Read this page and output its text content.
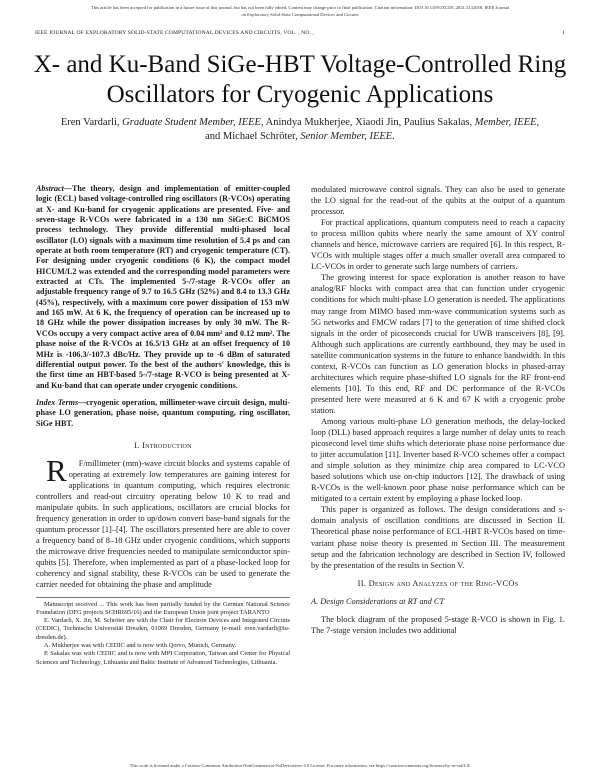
This article has been accepted for publication in a future issue of this journal, but has not been fully edited. Content may change prior to final publication. Citation information: DOI 10.1109/JXCDC.2021.3132658, IEEE Journal
on Exploratory Solid-State Computational Devices and Circuits
IEEE JOURNAL OF EXPLORATORY SOLID-STATE COMPUTATIONAL DEVICES AND CIRCUITS, VOL. , NO. ,	1
X- and Ku-Band SiGe-HBT Voltage-Controlled Ring Oscillators for Cryogenic Applications
Eren Vardarli, Graduate Student Member, IEEE, Anindya Mukherjee, Xiaodi Jin, Paulius Sakalas, Member, IEEE, and Michael Schröter, Senior Member, IEEE.

Abstract—The theory, design and implementation of emitter-coupled logic (ECL) based voltage-controlled ring oscillators (R-VCOs) operating at X- and Ku-band for cryogenic applications are presented. Five- and seven-stage R-VCOs were fabricated in a 130 nm SiGe:C BiCMOS process technology. They provide differential multi-phased local oscillator (LO) signals with a maximum time resolution of 5.4 ps and can operate at both room temperature (RT) and cryogenic temperature (CT). For designing under cryogenic conditions (6 K), the compact model HICUM/L2 was extended and the corresponding model parameters were extracted at CTs. The implemented 5-/7-stage R-VCOs offer an adjustable frequency range of 9.7 to 16.5 GHz (52%) and 8.4 to 13.3 GHz (45%), respectively, with a maximum core power dissipation of 153 mW and 165 mW. At 6 K, the frequency of operation can be increased up to 18 GHz while the power dissipation increases by only 30 mW. The R-VCOs occupy a very compact active area of 0.04 mm² and 0.12 mm². The phase noise of the R-VCOs at 16.5/13 GHz at an offset frequency of 10 MHz is -106.3/-107.3 dBc/Hz. They provide up to -6 dBm of saturated differential output power. To the best of the authors' knowledge, this is the first time an HBT-based 5-/7-stage R-VCO is being presented at X- and Ku-band that can operate under cryogenic conditions.

Index Terms—cryogenic operation, millimeter-wave circuit design, multi-phase LO generation, phase noise, quantum computing, ring oscillator, SiGe HBT.

I. Introduction

R F/millimeter (mm)-wave circuit blocks and systems capable of operating at extremely low temperatures are gaining interest for applications in quantum computing, which requires electronic controllers and read-out circuitry operating below 10 K to read and manipulate qubits. In such applications, oscillators are crucial blocks for frequency generation in order to up/down convert base-band signals for the quantum processor [1]–[4]. The oscillators presented here are able to cover a frequency band of 8–18 GHz under cryogenic conditions, which supports the microwave drive frequencies needed to manipulate semiconductor spin-qubits [5]. Therefore, when implemented as part of a phase-locked loop for coherency and signal stability, these R-VCOs can be used to generate the carrier needed for obtaining the phase and amplitude

Manuscript received ... This work has been partially funded by the German National Science Foundation (DFG projects SCHR695/16) and the European Union joint project TARANTO

E. Vardarli, X. Jin, M. Schröter are with the Chair for Electron Devices and Integrated Circuits (CEDIC), Technische Universität Dresden, 01069 Dresden, Germany (e-mail: eren.vardarli@tu-dresden.de).

A. Mukherjee was with CEDIC and is now with Qorvo, Munich, Germany.

P. Sakalas was with CEDIC and is now with MPI Corporation, Taiwan and Center for Physical Sciences and Technology, Lithuania and Baltic Institute of Advanced Technologies, Lithuania.

modulated microwave control signals. They can also be used to generate the LO signal for the read-out of the qubits at the output of a quantum processor.

For practical applications, quantum computers need to reach a capacity to process million qubits where nearly the same amount of XY control channels and hence, microwave carriers are required [6]. In this respect, R-VCOs with multiple stages offer a much smaller overall area compared to LC-VCOs in order to generate such large numbers of carriers.

The growing interest for space exploration is another reason to have analog/RF blocks with compact area that can function under cryogenic conditions for which multi-phase LO generation is needed. The applications may range from MIMO based mm-wave communication systems such as 5G networks and FMCW radars [7] to the generation of time shifted clock signals in the order of picoseconds crucial for UWB transceivers [8], [9]. Although such applications are currently earthbound, they may be used in satellite communication systems in the future to enhance bandwidth. In this context, R-VCOs can function as LO generation blocks in phased-array architectures which require phase-shifted LO signals for the RF front-end elements [10]. To this end, RF and DC performance of the R-VCOs presented here were measured at 6 K and 67 K with a cryogenic probe station.

Among various multi-phase LO generation methods, the delay-locked loop (DLL) based approach requires a large number of delay units to reach picosecond level time shifts which deteriorate phase noise performance due to jitter accumulation [11]. Inverter based R-VCO schemes offer a compact and simple solution as they minimize chip area compared to LC-VCO based solutions which use on-chip inductors [12]. The drawback of using R-VCOs is the well-known poor phase noise performance which can be mitigated to a certain extent by employing a phase locked loop.

This paper is organized as follows. The design considerations and s-domain analysis of oscillation conditions are discussed in Section II. Theoretical phase noise performance of ECL-HBT R-VCOs based on time-variant phase noise theory is presented in Section III. The measurement setup and the fabrication technology are described in Section IV, followed by the presentation of the results in Section V.

II. Design and Analyzes of the Ring-VCOs
A. Design Considerations at RT and CT

The block diagram of the proposed 5-stage R-VCO is shown in Fig. 1. The 7-stage version includes two additional

This work is licensed under a Creative Commons Attribution-NonCommercial-NoDerivatives 4.0 License. For more information, see https://creativecommons.org/licenses/by-nc-nd/4.0/
